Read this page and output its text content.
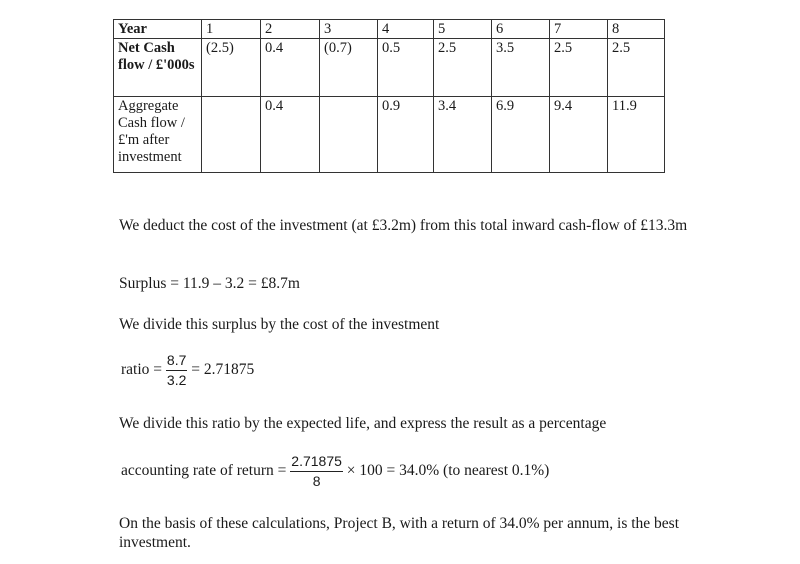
Year	1	2	3	4	5	6	7	8
Net Cash flow / £'000s	(2.5)	0.4	(0.7)	0.5	2.5	3.5	2.5	2.5
Aggregate Cash flow / £'m after investment		0.4		0.9	3.4	6.9	9.4	11.9
We deduct the cost of the investment (at £3.2m) from this total inward cash-flow of £13.3m
Surplus = 11.9 – 3.2 = £8.7m
We divide this surplus by the cost of the investment
ratio = $\frac{8.7}{3.2} = 2.71875$
We divide this ratio by the expected life, and express the result as a percentage
accounting rate of return = $\frac{2.71875}{8} \times 100 = 34.0\%$ (to nearest 0.1%)
On the basis of these calculations, Project B, with a return of 34.0% per annum, is the best investment.
